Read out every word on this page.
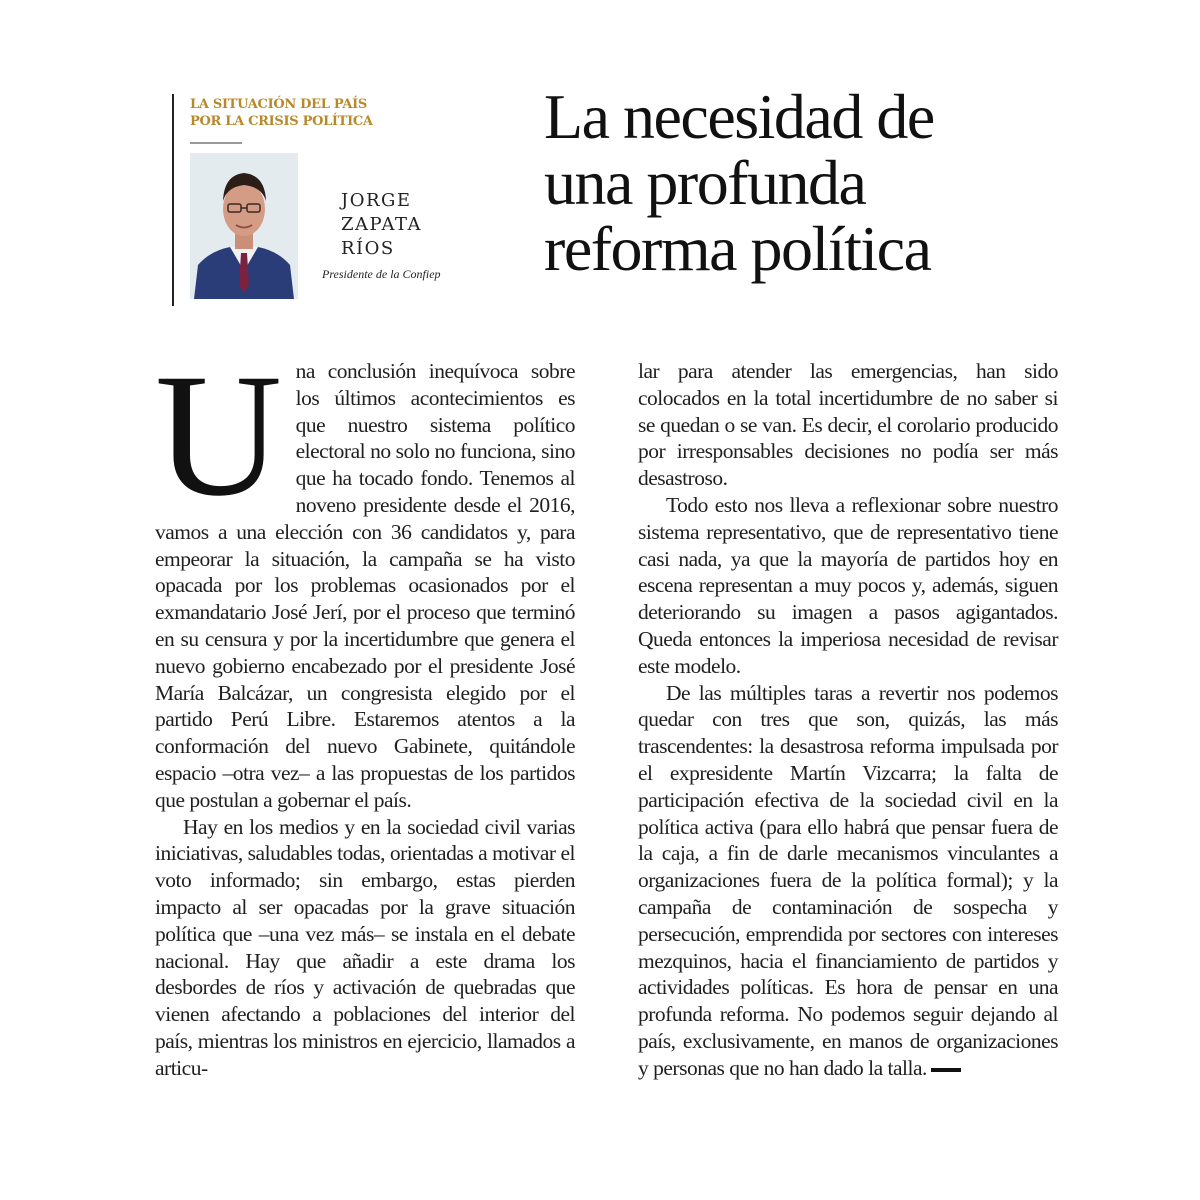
LA SITUACIÓN DEL PAÍS
POR LA CRISIS POLÍTICA
JORGE
ZAPATA
RÍOS
Presidente de la Confiep
La necesidad de
una profunda
reforma política

Una conclusión inequívoca sobre los últimos acontecimientos es que nuestro sistema político electoral no solo no funciona, sino que ha tocado fondo. Tenemos al noveno presidente desde el 2016, vamos a una elección con 36 candidatos y, para empeorar la situación, la campaña se ha visto opacada por los problemas ocasionados por el exmandatario José Jerí, por el proceso que terminó en su censura y por la incertidumbre que genera el nuevo gobierno encabezado por el presidente José María Balcázar, un congresista elegido por el partido Perú Libre. Estaremos atentos a la conformación del nuevo Gabinete, quitándole espacio –otra vez– a las propuestas de los partidos que postulan a gobernar el país.

Hay en los medios y en la sociedad civil varias iniciativas, saludables todas, orientadas a motivar el voto informado; sin embargo, estas pierden impacto al ser opacadas por la grave situación política que –una vez más– se instala en el debate nacional. Hay que añadir a este drama los desbordes de ríos y activación de quebradas que vienen afectando a poblaciones del interior del país, mientras los ministros en ejercicio, llamados a articu-

lar para atender las emergencias, han sido colocados en la total incertidumbre de no saber si se quedan o se van. Es decir, el corolario producido por irresponsables decisiones no podía ser más desastroso.

Todo esto nos lleva a reflexionar sobre nuestro sistema representativo, que de representativo tiene casi nada, ya que la mayoría de partidos hoy en escena representan a muy pocos y, además, siguen deteriorando su imagen a pasos agigantados. Queda entonces la imperiosa necesidad de revisar este modelo.

De las múltiples taras a revertir nos podemos quedar con tres que son, quizás, las más trascendentes: la desastrosa reforma impulsada por el expresidente Martín Vizcarra; la falta de participación efectiva de la sociedad civil en la política activa (para ello habrá que pensar fuera de la caja, a fin de darle mecanismos vinculantes a organizaciones fuera de la política formal); y la campaña de contaminación de sospecha y persecución, emprendida por sectores con intereses mezquinos, hacia el financiamiento de partidos y actividades políticas. Es hora de pensar en una profunda reforma. No podemos seguir dejando al país, exclusivamente, en manos de organizaciones y personas que no han dado la talla.
